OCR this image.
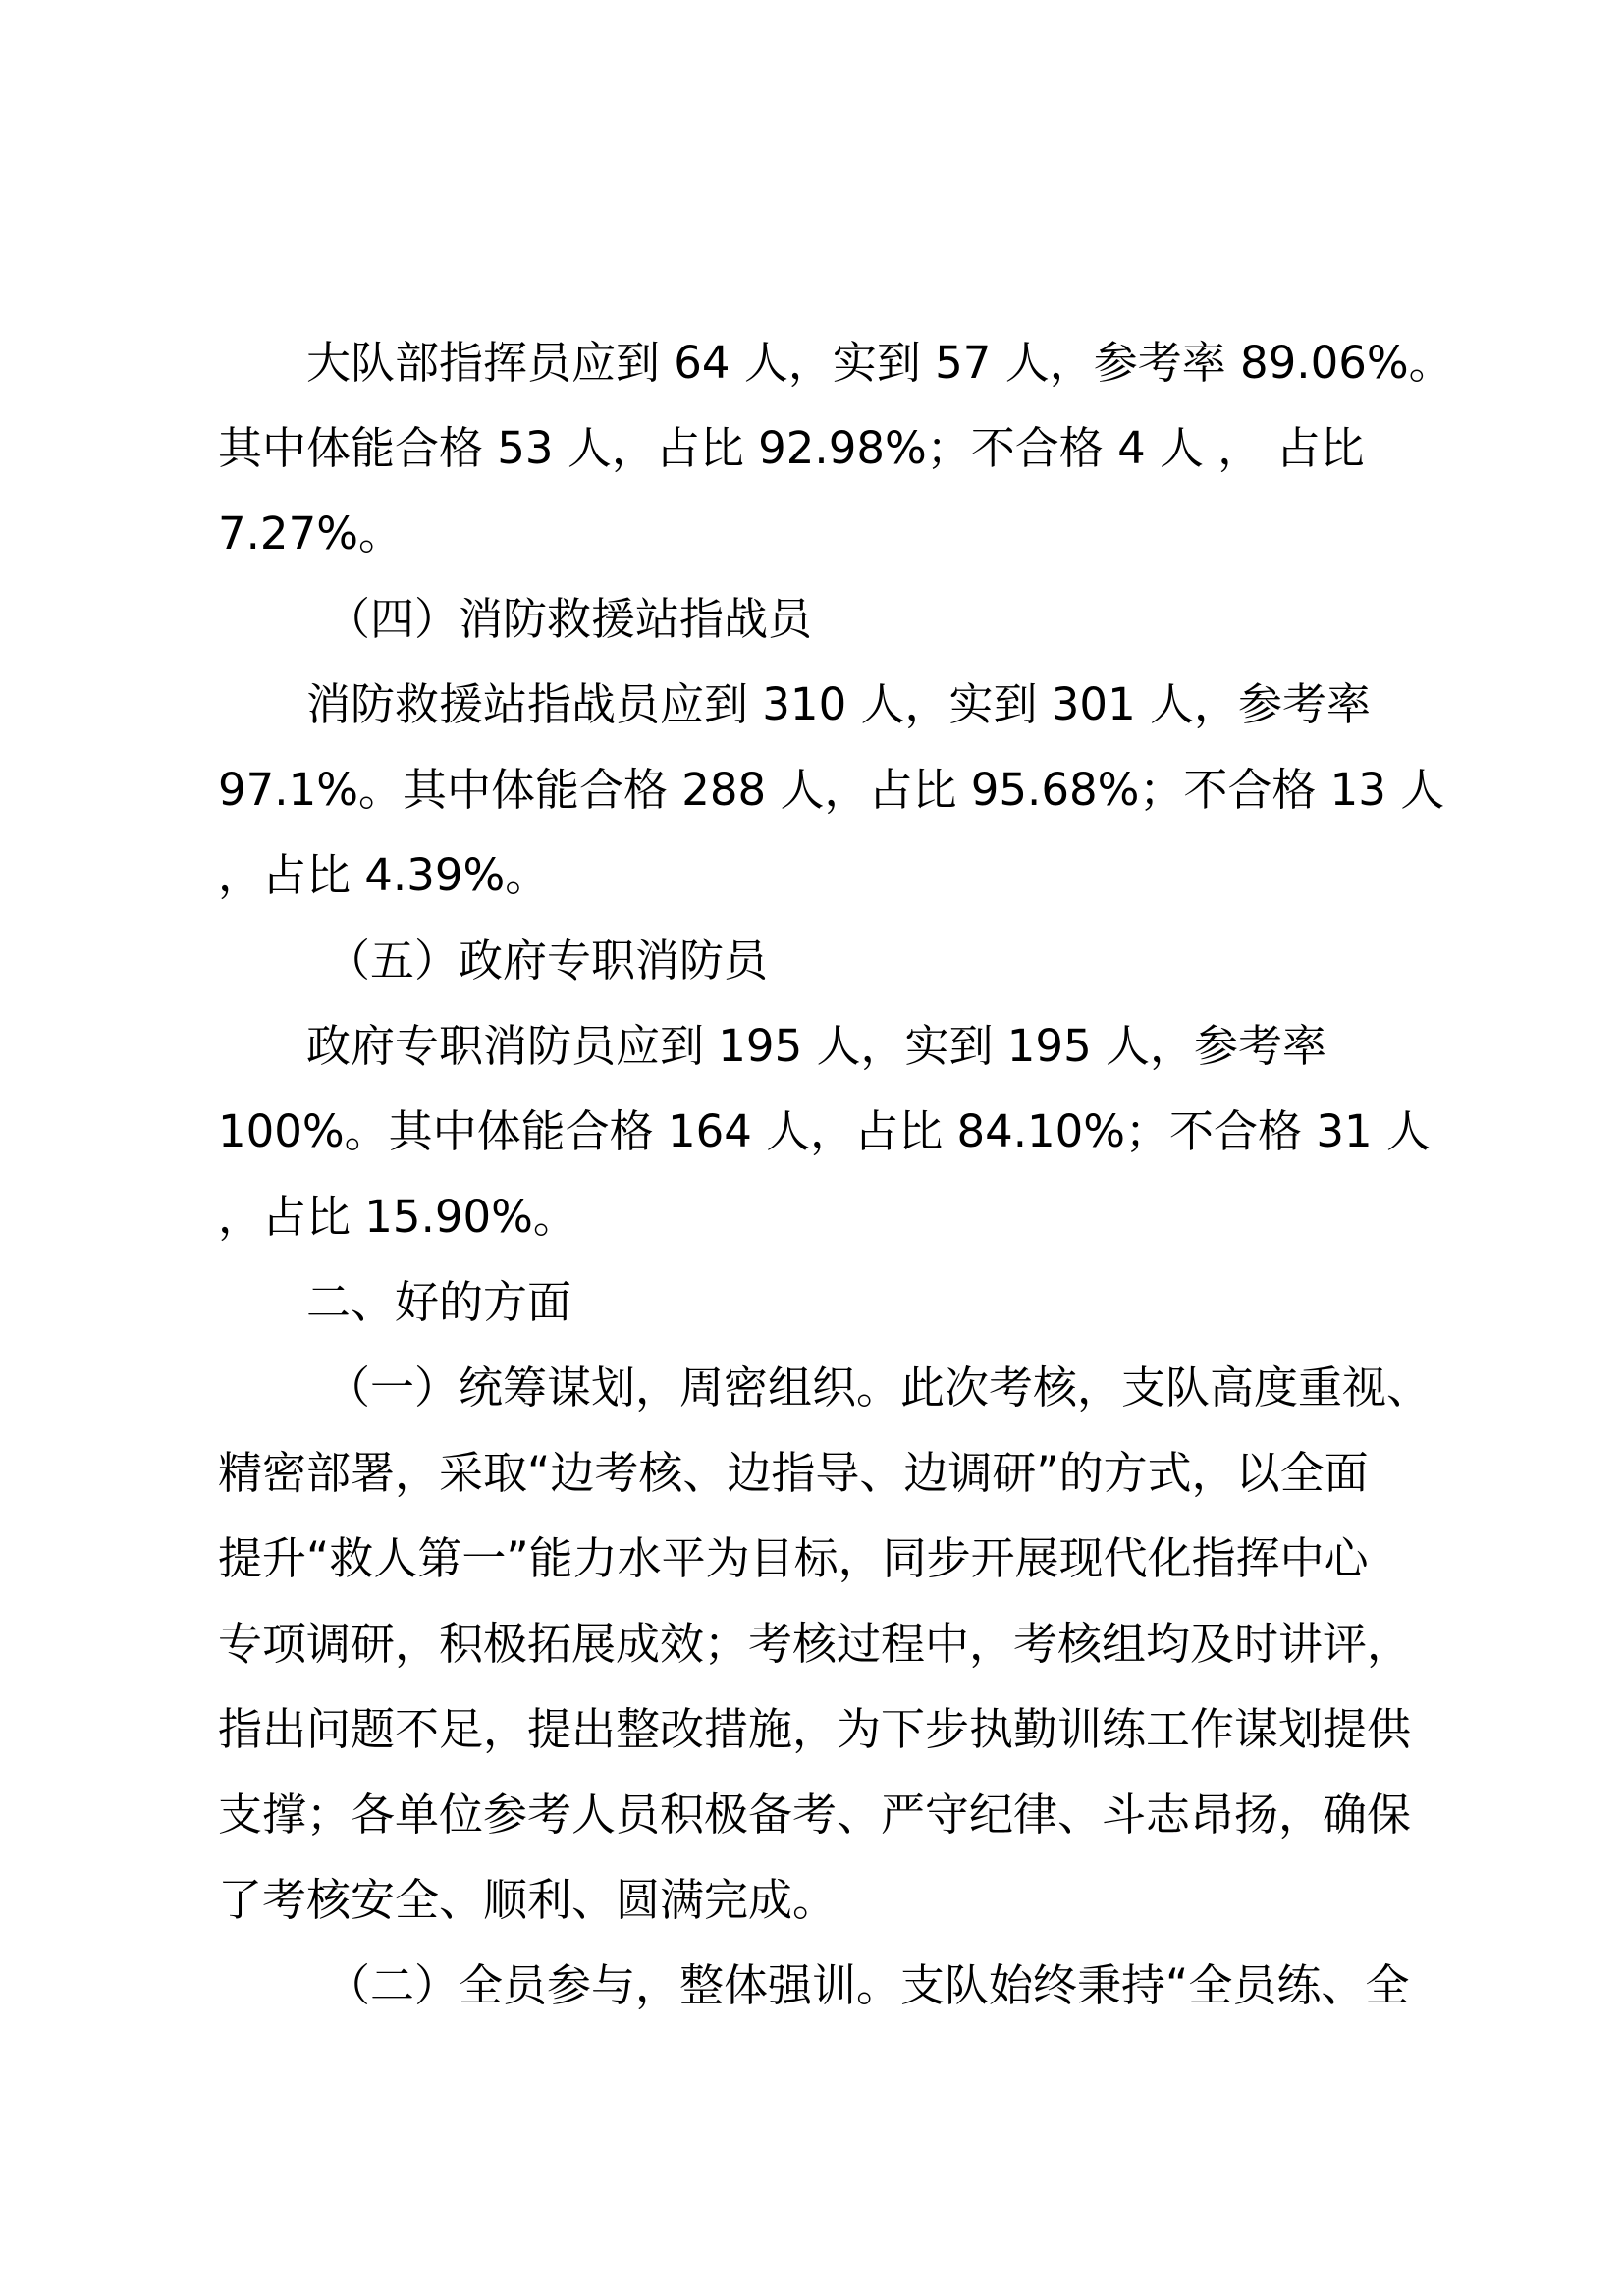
大队部指挥员应到 64 人，实到 57 人，参考率 89.06%。
其中体能合格 53 人，占比 92.98%；不合格 4 人 ， 占比
7.27%。
（四）消防救援站指战员
消防救援站指战员应到 310 人，实到 301 人，参考率
97.1%。其中体能合格 288 人，占比 95.68%；不合格 13 人
，占比 4.39%。
（五）政府专职消防员
政府专职消防员应到 195 人，实到 195 人，参考率
100%。其中体能合格 164 人，占比 84.10%；不合格 31 人
，占比 15.90%。
二、好的方面
（一）统筹谋划，周密组织。此次考核，支队高度重视、
精密部署，采取“边考核、边指导、边调研”的方式，以全面
提升“救人第一”能力水平为目标，同步开展现代化指挥中心
专项调研，积极拓展成效；考核过程中，考核组均及时讲评，
指出问题不足，提出整改措施，为下步执勤训练工作谋划提供
支撑；各单位参考人员积极备考、严守纪律、斗志昂扬，确保
了考核安全、顺利、圆满完成。
（二）全员参与，整体强训。支队始终秉持“全员练、全
